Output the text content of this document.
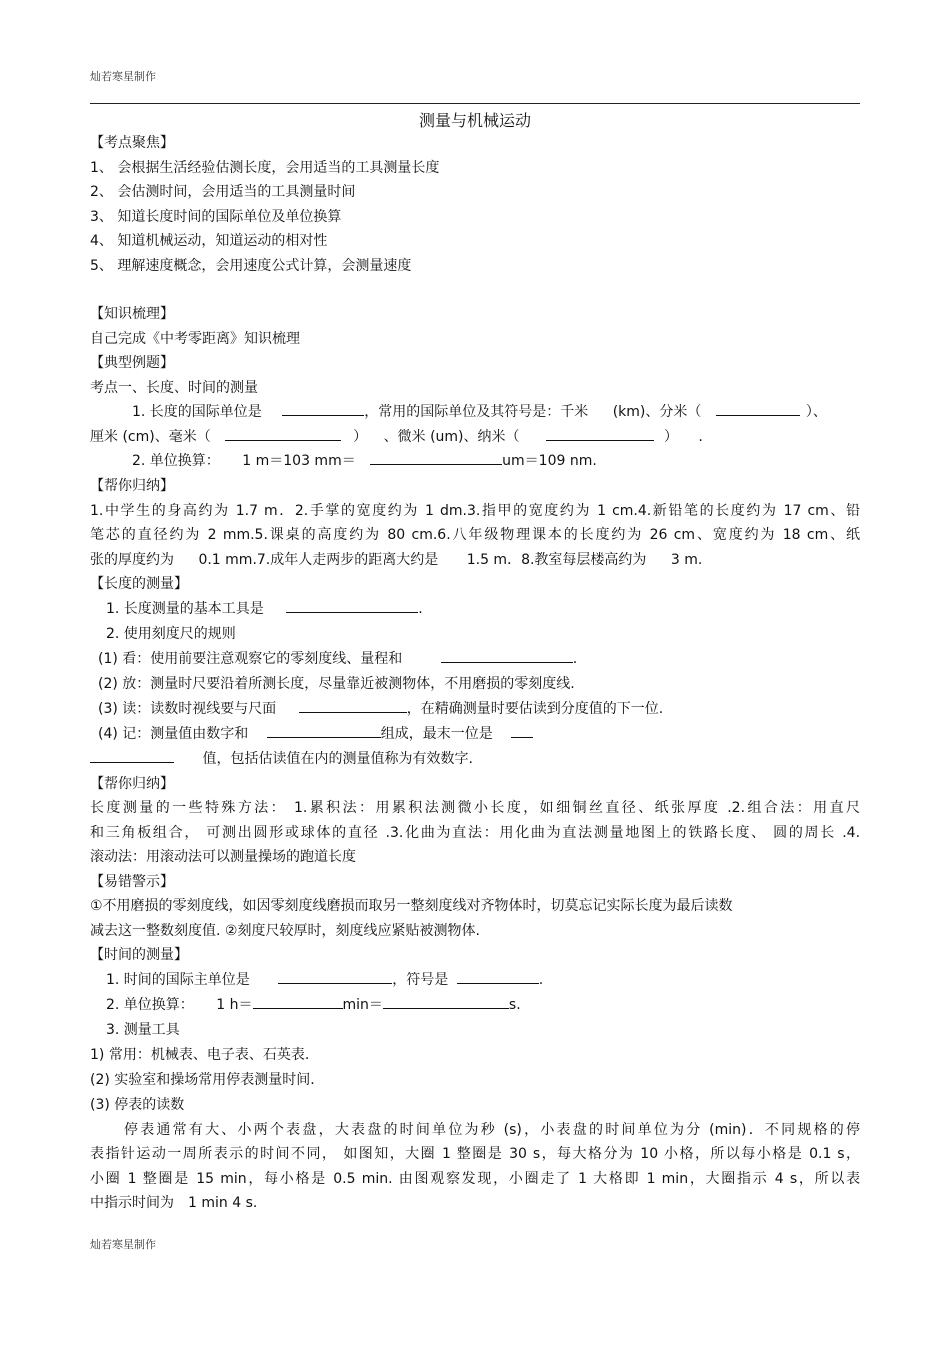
灿若寒星制作
测量与机械运动
【考点聚焦】
1、 会根据生活经验估测长度，会用适当的工具测量长度
2、 会估测时间，会用适当的工具测量时间
3、 知道长度时间的国际单位及单位换算
4、 知道机械运动，知道运动的相对性
5、 理解速度概念，会用速度公式计算，会测量速度
【知识梳理】
自己完成《中考零距离》知识梳理
【典型例题】
考点一、长度、时间的测量
1. 长度的国际单位是	，常用的国际单位及其符号是：千米 (km)、分米（	）、
厘米 (cm)、毫米（	） 、微米 (um)、纳米（	） .
2. 单位换算： 1 m＝103 mm＝	um＝109 nm.
【帮你归纳】
1.中学生的身高约为 1.7 m．2.手掌的宽度约为 1 dm.3.指甲的宽度约为 1 cm.4.新铅笔的长度约为 17 cm、铅
笔芯的直径约为 2 mm.5.课桌的高度约为 80 cm.6.八年级物理课本的长度约为 26 cm、宽度约为 18 cm、纸
张的厚度约为 0.1 mm.7.成年人走两步的距离大约是 1.5 m．8.教室每层楼高约为 3 m.
【长度的测量】
1. 长度测量的基本工具是	.
2. 使用刻度尺的规则
(1) 看：使用前要注意观察它的零刻度线、量程和	.
(2) 放：测量时尺要沿着所测长度，尽量靠近被测物体，不用磨损的零刻度线.
(3) 读：读数时视线要与尺面	，在精确测量时要估读到分度值的下一位.
(4) 记：测量值由数字和	组成，最末一位是
值，包括估读值在内的测量值称为有效数字.
【帮你归纳】
长度测量的一些特殊方法： 1.累积法：用累积法测微小长度，如细铜丝直径、纸张厚度 .2.组合法：用直尺
和三角板组合， 可测出圆形或球体的直径 .3.化曲为直法：用化曲为直法测量地图上的铁路长度、 圆的周长 .4.
滚动法：用滚动法可以测量操场的跑道长度
【易错警示】
①不用磨损的零刻度线，如因零刻度线磨损而取另一整刻度线对齐物体时，切莫忘记实际长度为最后读数
减去这一整数刻度值. ②刻度尺较厚时，刻度线应紧贴被测物体.
【时间的测量】
1. 时间的国际主单位是	，符号是	.
2. 单位换算： 1 h＝	min＝	s.
3. 测量工具
1) 常用：机械表、电子表、石英表.
(2) 实验室和操场常用停表测量时间.
(3) 停表的读数
停表通常有大、小两个表盘，大表盘的时间单位为秒 (s)，小表盘的时间单位为分 (min)．不同规格的停
表指针运动一周所表示的时间不同， 如图知，大圈 1 整圈是 30 s，每大格分为 10 小格，所以每小格是 0.1 s，
小圈 1 整圈是 15 min，每小格是 0.5 min. 由图观察发现，小圈走了 1 大格即 1 min，大圈指示 4 s，所以表
中指示时间为　1 min 4 s.
灿若寒星制作
